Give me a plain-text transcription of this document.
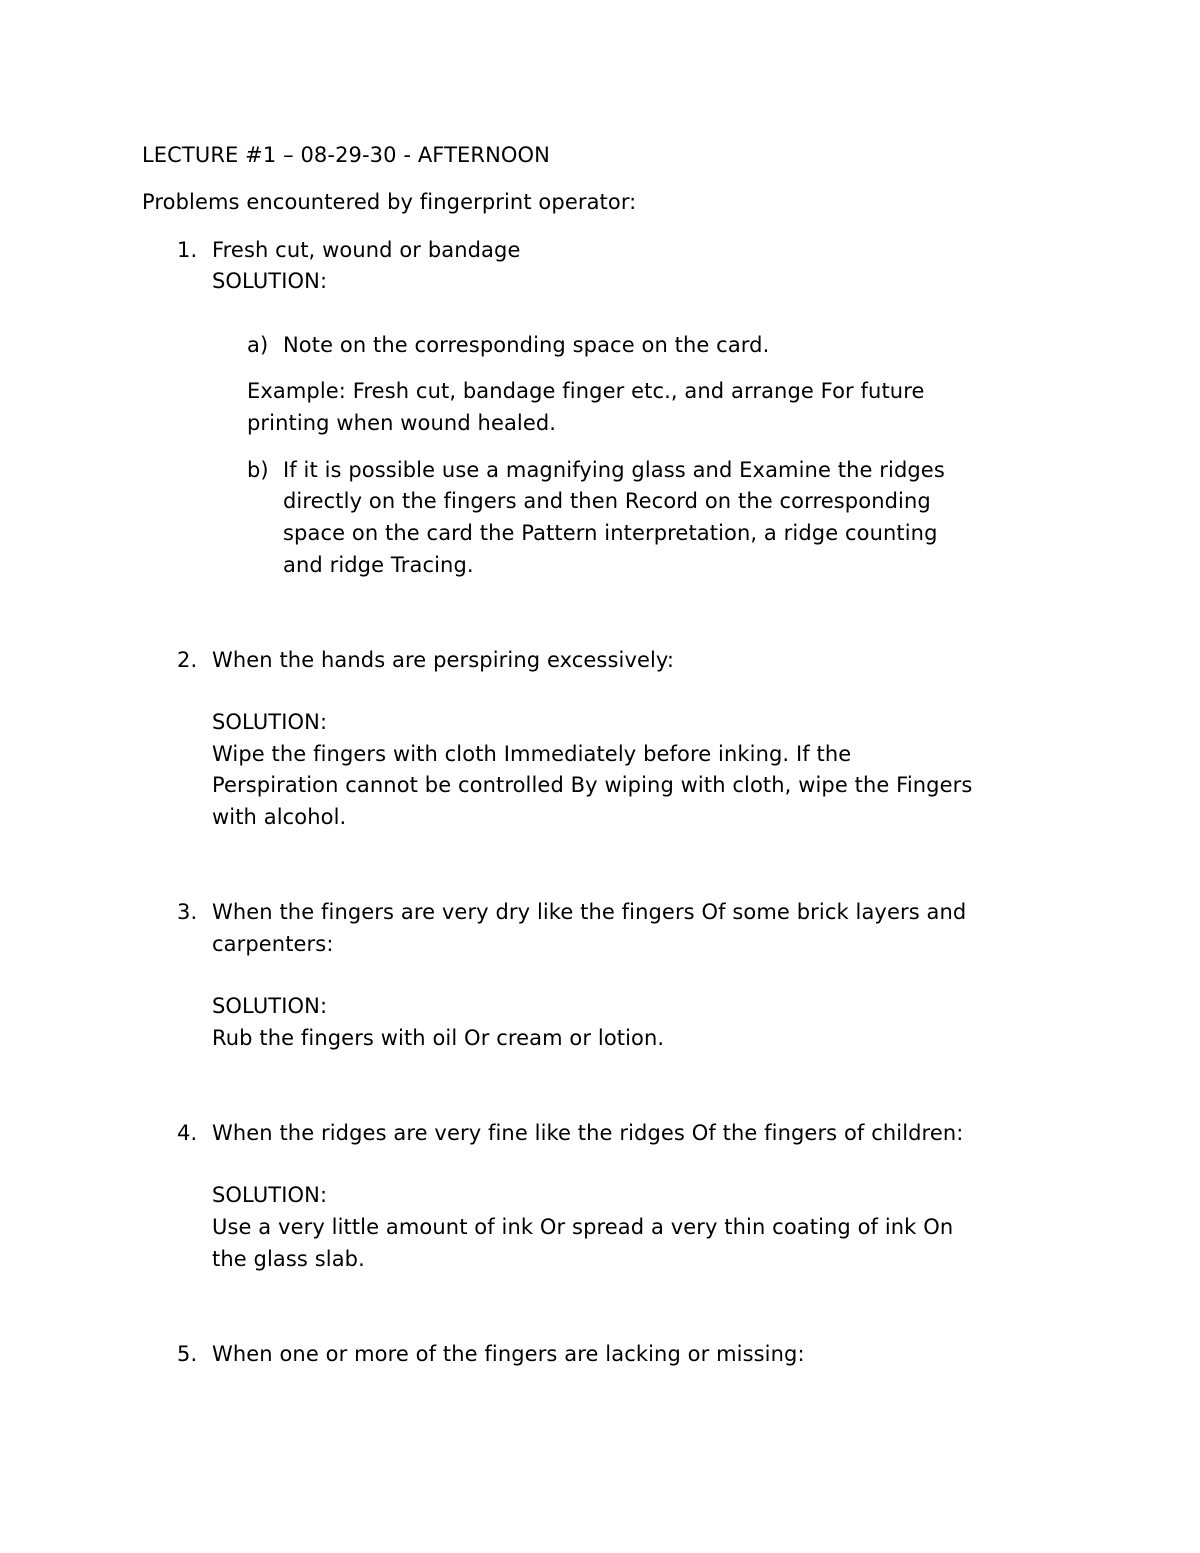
LECTURE #1 – 08-29-30 - AFTERNOON
Problems encountered by fingerprint operator:
1. Fresh cut, wound or bandage
SOLUTION:
a) Note on the corresponding space on the card.
Example: Fresh cut, bandage finger etc., and arrange For future
printing when wound healed.
b) If it is possible use a magnifying glass and Examine the ridges
directly on the fingers and then Record on the corresponding
space on the card the Pattern interpretation, a ridge counting
and ridge Tracing.
2. When the hands are perspiring excessively:
SOLUTION:
Wipe the fingers with cloth Immediately before inking. If the
Perspiration cannot be controlled By wiping with cloth, wipe the Fingers
with alcohol.
3. When the fingers are very dry like the fingers Of some brick layers and
carpenters:
SOLUTION:
Rub the fingers with oil Or cream or lotion.
4. When the ridges are very fine like the ridges Of the fingers of children:
SOLUTION:
Use a very little amount of ink Or spread a very thin coating of ink On
the glass slab.
5. When one or more of the fingers are lacking or missing:
